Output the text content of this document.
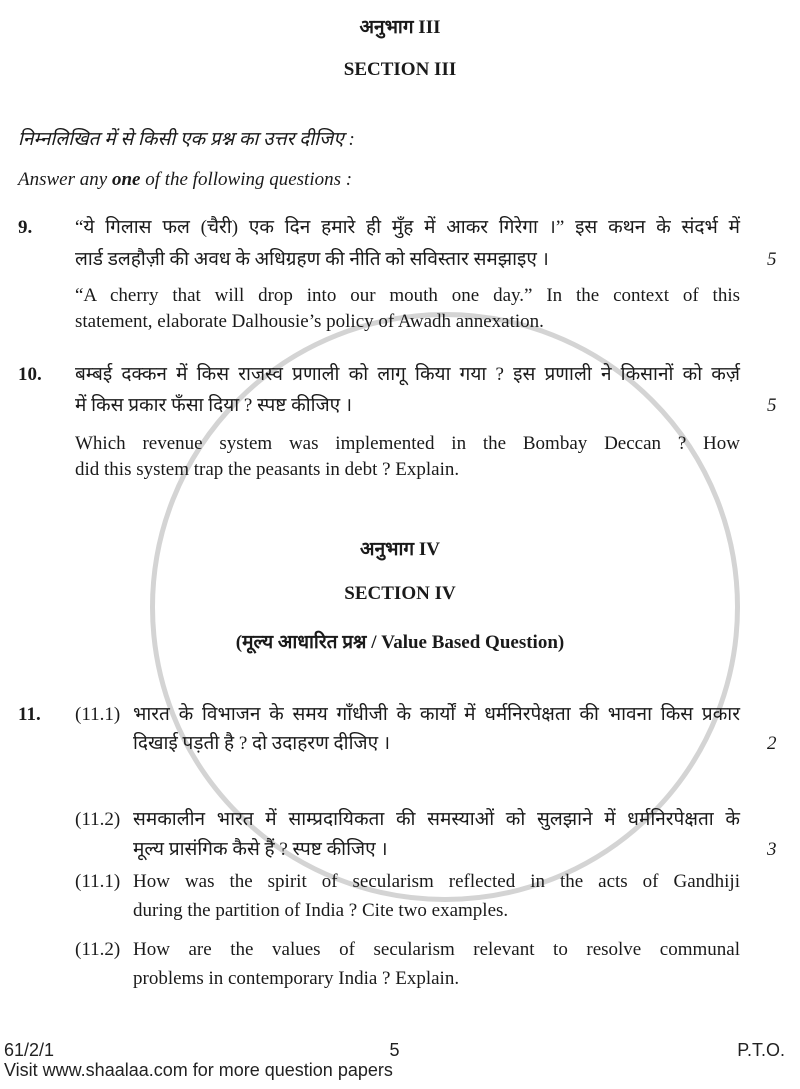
अनुभाग III
SECTION III
निम्नलिखित में से किसी एक प्रश्न का उत्तर दीजिए :
Answer any one of the following questions :
9.	“ये गिलास फल (चैरी) एक दिन हमारे ही मुँह में आकर गिरेगा ।” इस कथन के संदर्भ में
लार्ड डलहौज़ी की अवध के अधिग्रहण की नीति को सविस्तार समझाइए ।	5
“A cherry that will drop into our mouth one day.” In the context of this
statement, elaborate Dalhousie’s policy of Awadh annexation.
10.	बम्बई दक्कन में किस राजस्व प्रणाली को लागू किया गया ? इस प्रणाली ने किसानों को कर्ज़
में किस प्रकार फँसा दिया ? स्पष्ट कीजिए ।	5
Which revenue system was implemented in the Bombay Deccan ? How
did this system trap the peasants in debt ? Explain.
अनुभाग IV
SECTION IV
(मूल्य आधारित प्रश्न / Value Based Question)
11.	(11.1) भारत के विभाजन के समय गाँधीजी के कार्यों में धर्मनिरपेक्षता की भावना किस प्रकार
दिखाई पड़ती है ? दो उदाहरण दीजिए ।	2
(11.2) समकालीन भारत में साम्प्रदायिकता की समस्याओं को सुलझाने में धर्मनिरपेक्षता के
मूल्य प्रासंगिक कैसे हैं ? स्पष्ट कीजिए ।	3
(11.1) How was the spirit of secularism reflected in the acts of Gandhiji
during the partition of India ? Cite two examples.
(11.2) How are the values of secularism relevant to resolve communal
problems in contemporary India ? Explain.
61/2/1	5	P.T.O.
Visit www.shaalaa.com for more question papers
